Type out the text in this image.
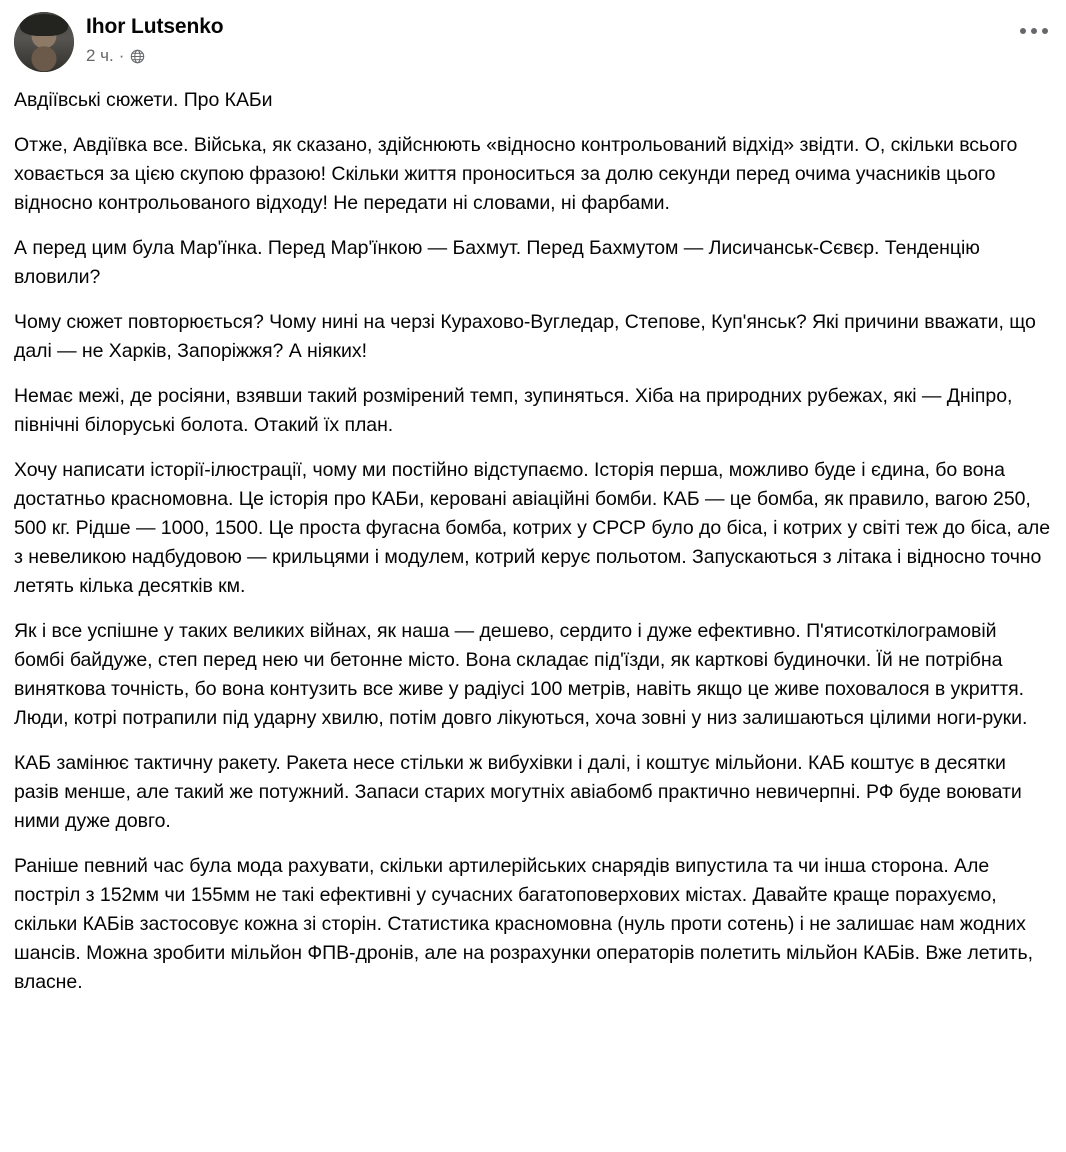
Ihor Lutsenko
2 ч. ·

Авдіївські сюжети. Про КАБи

Отже, Авдіївка все. Війська, як сказано, здійснюють «відносно контрольований відхід» звідти. О, скільки всього ховається за цією скупою фразою! Скільки життя проноситься за долю секунди перед очима учасників цього відносно контрольованого відходу! Не передати ні словами, ні фарбами.

А перед цим була Мар'їнка. Перед Мар'їнкою — Бахмут. Перед Бахмутом — Лисичанськ-Сєвєр. Тенденцію вловили?

Чому сюжет повторюється? Чому нині на черзі Курахово-Вугледар, Степове, Куп'янськ? Які причини вважати, що далі — не Харків, Запоріжжя? А ніяких!

Немає межі, де росіяни, взявши такий розмірений темп, зупиняться. Хіба на природних рубежах, які — Дніпро, північні білоруські болота. Отакий їх план.

Хочу написати історії-ілюстрації, чому ми постійно відступаємо. Історія перша, можливо буде і єдина, бо вона достатньо красномовна. Це історія про КАБи, керовані авіаційні бомби. КАБ — це бомба, як правило, вагою 250, 500 кг. Рідше — 1000, 1500. Це проста фугасна бомба, котрих у СРСР було до біса, і котрих у світі теж до біса, але з невеликою надбудовою — крильцями і модулем, котрий керує польотом. Запускаються з літака і відносно точно летять кілька десятків км.

Як і все успішне у таких великих війнах, як наша — дешево, сердито і дуже ефективно. П'ятисоткілограмовій бомбі байдуже, степ перед нею чи бетонне місто. Вона складає під'їзди, як карткові будиночки. Їй не потрібна виняткова точність, бо вона контузить все живе у радіусі 100 метрів, навіть якщо це живе поховалося в укриття. Люди, котрі потрапили під ударну хвилю, потім довго лікуються, хоча зовні у низ залишаються цілими ноги-руки.

КАБ замінює тактичну ракету. Ракета несе стільки ж вибухівки і далі, і коштує мільйони. КАБ коштує в десятки разів менше, але такий же потужний. Запаси старих могутніх авіабомб практично невичерпні. РФ буде воювати ними дуже довго.

Раніше певний час була мода рахувати, скільки артилерійських снарядів випустила та чи інша сторона. Але постріл з 152мм чи 155мм не такі ефективні у сучасних багатоповерхових містах. Давайте краще порахуємо, скільки КАБів застосовує кожна зі сторін. Статистика красномовна (нуль проти сотень) і не залишає нам жодних шансів. Можна зробити мільйон ФПВ-дронів, але на розрахунки операторів полетить мільйон КАБів. Вже летить, власне.
